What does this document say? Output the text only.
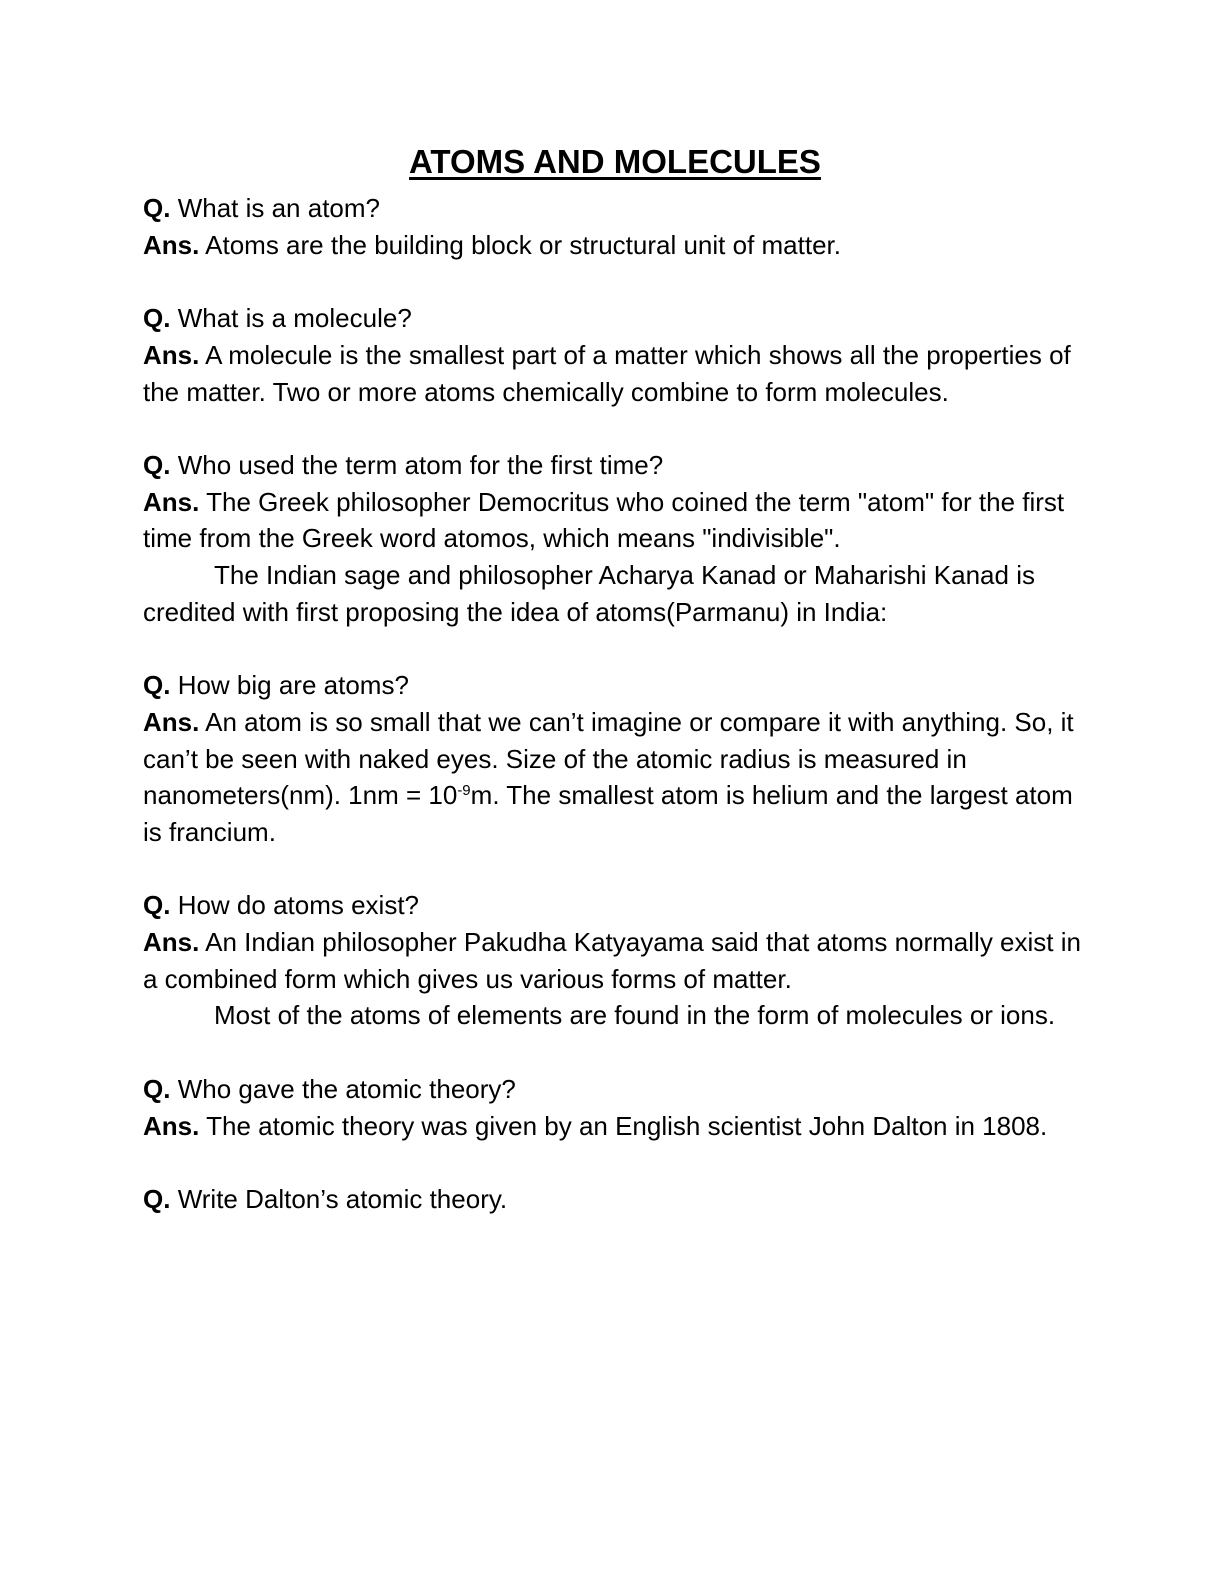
ATOMS AND MOLECULES

Q. What is an atom?

Ans. Atoms are the building block or structural unit of matter.

Q. What is a molecule?

Ans. A molecule is the smallest part of a matter which shows all the properties of the matter. Two or more atoms chemically combine to form molecules.

Q. Who used the term atom for the first time?

Ans. The Greek philosopher Democritus who coined the term "atom" for the first time from the Greek word atomos, which means "indivisible".

The Indian sage and philosopher Acharya Kanad or Maharishi Kanad is credited with first proposing the idea of atoms(Parmanu) in India:

Q. How big are atoms?

Ans. An atom is so small that we can’t imagine or compare it with anything. So, it can’t be seen with naked eyes. Size of the atomic radius is measured in nanometers(nm). $1nm = 10^{-9}m$. The smallest atom is helium and the largest atom is francium.

Q. How do atoms exist?

Ans. An Indian philosopher Pakudha Katyayama said that atoms normally exist in a combined form which gives us various forms of matter.

Most of the atoms of elements are found in the form of molecules or ions.

Q. Who gave the atomic theory?

Ans. The atomic theory was given by an English scientist John Dalton in 1808.

Q. Write Dalton’s atomic theory.
